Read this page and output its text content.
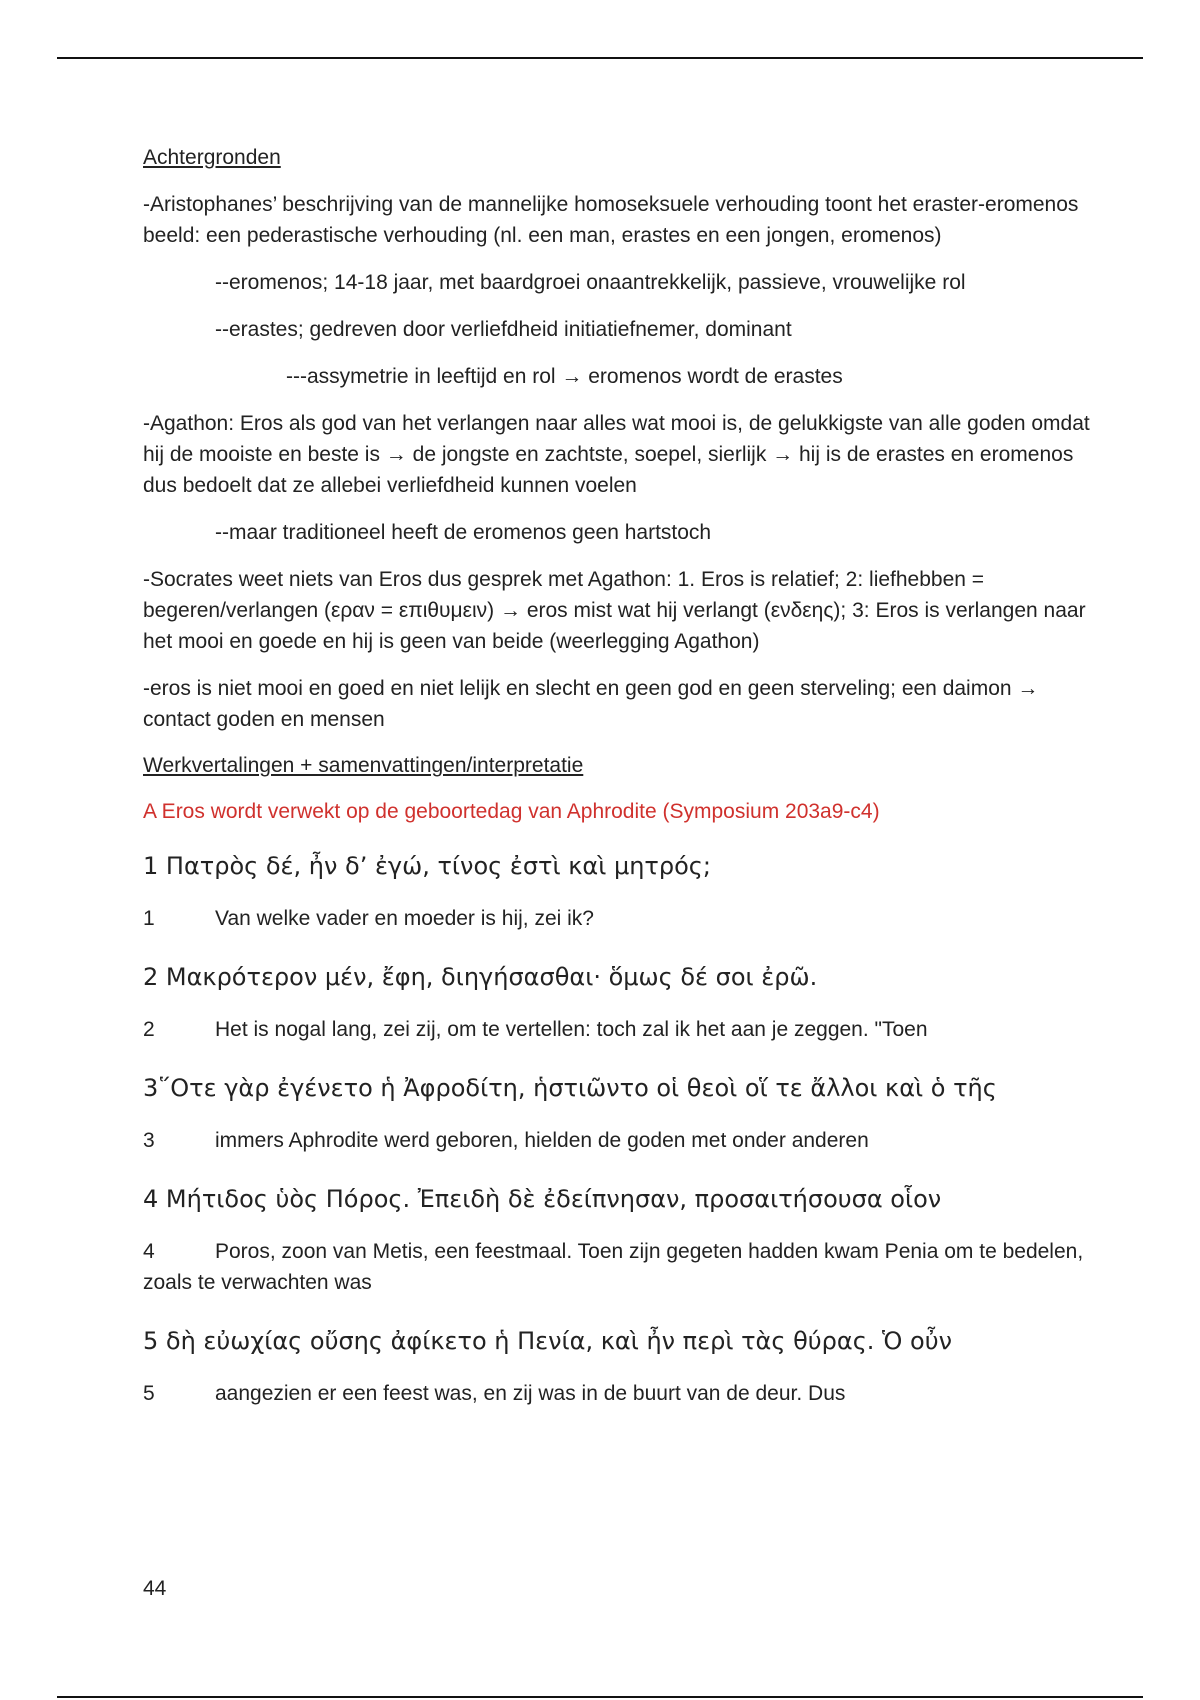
Achtergronden

-Aristophanes’ beschrijving van de mannelijke homoseksuele verhouding toont het eraster-eromenos beeld: een pederastische verhouding (nl. een man, erastes en een jongen, eromenos)

--eromenos; 14-18 jaar, met baardgroei onaantrekkelijk, passieve, vrouwelijke rol

--erastes; gedreven door verliefdheid initiatiefnemer, dominant

---assymetrie in leeftijd en rol → eromenos wordt de erastes

-Agathon: Eros als god van het verlangen naar alles wat mooi is, de gelukkigste van alle goden omdat hij de mooiste en beste is → de jongste en zachtste, soepel, sierlijk → hij is de erastes en eromenos dus bedoelt dat ze allebei verliefdheid kunnen voelen

--maar traditioneel heeft de eromenos geen hartstoch

-Socrates weet niets van Eros dus gesprek met Agathon: 1. Eros is relatief; 2: liefhebben = begeren/verlangen (εραν = επιθυμειν) → eros mist wat hij verlangt (ενδεης); 3: Eros is verlangen naar het mooi en goede en hij is geen van beide (weerlegging Agathon)

-eros is niet mooi en goed en niet lelijk en slecht en geen god en geen sterveling; een daimon → contact goden en mensen

Werkvertalingen + samenvattingen/interpretatie
A Eros wordt verwekt op de geboortedag van Aphrodite (Symposium 203a9-c4)
1 Πατρὸς δέ, ἦν δ’ ἐγώ, τίνος ἐστὶ καὶ μητρός;
1	Van welke vader en moeder is hij, zei ik?
2 Μακρότερον μέν, ἔφη, διηγήσασθαι· ὅμως δέ σοι ἐρῶ.
2	Het is nogal lang, zei zij, om te vertellen: toch zal ik het aan je zeggen. "Toen
3῞Οτε γὰρ ἐγένετο ἡ Ἀφροδίτη, ἡστιῶντο οἱ θεοὶ οἵ τε ἄλλοι καὶ ὁ τῆς
3	immers Aphrodite werd geboren, hielden de goden met onder anderen
4 Μήτιδος ὑὸς Πόρος. Ἐπειδὴ δὲ ἐδείπνησαν, προσαιτήσουσα οἷον
4	Poros, zoon van Metis, een feestmaal. Toen zijn gegeten hadden kwam Penia om te bedelen, zoals te verwachten was
5 δὴ εὐωχίας οὔσης ἀφίκετο ἡ Πενία, καὶ ἦν περὶ τὰς θύρας. Ὁ οὖν
5	aangezien er een feest was, en zij was in de buurt van de deur. Dus
44
